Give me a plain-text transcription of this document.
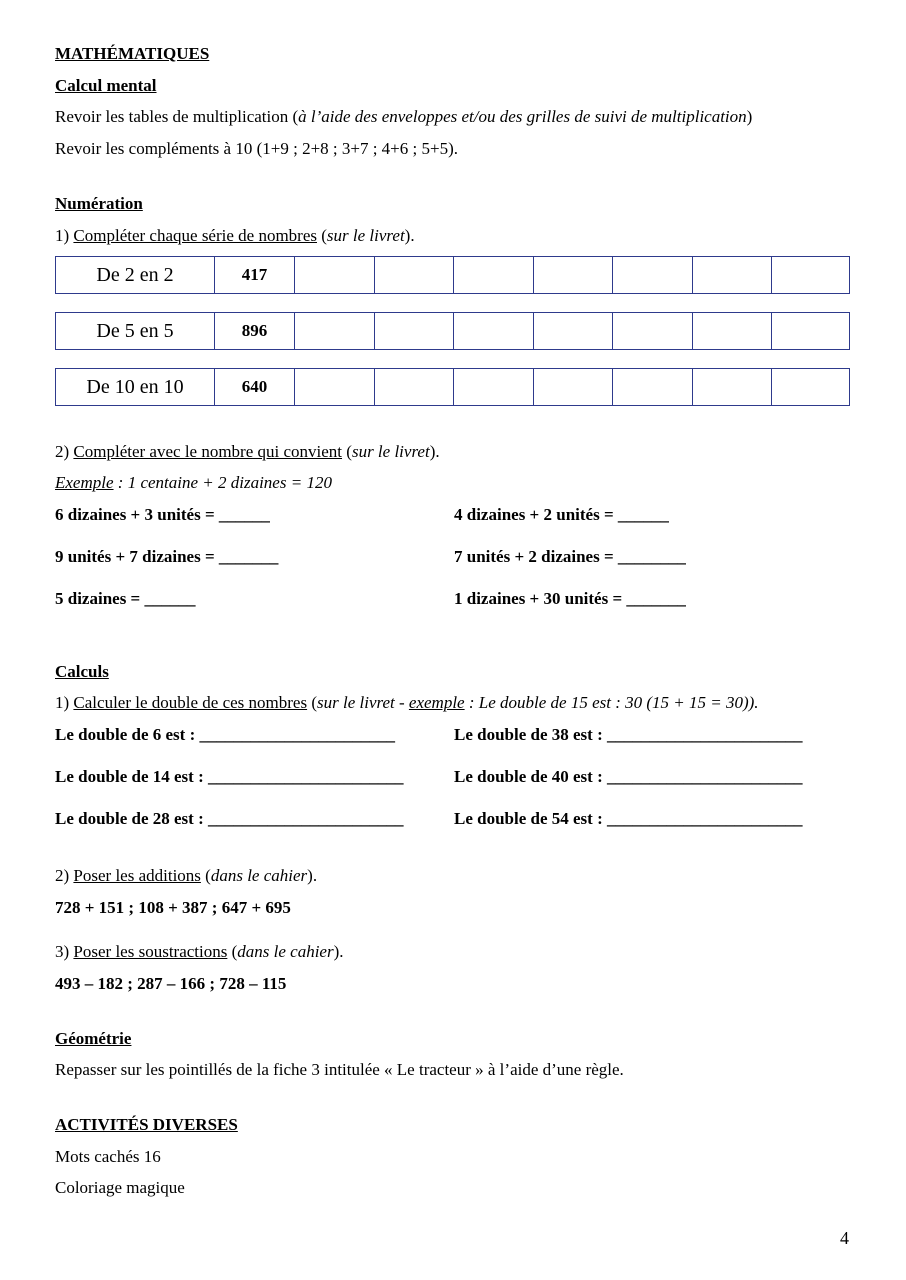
MATHÉMATIQUES
Calcul mental
Revoir les tables de multiplication (à l’aide des enveloppes et/ou des grilles de suivi de multiplication)
Revoir les compléments à 10 (1+9 ; 2+8 ; 3+7 ; 4+6 ; 5+5).
Numération
1) Compléter chaque série de nombres (sur le livret).
De 2 en 2	417
De 5 en 5	896
De 10 en 10	640
2) Compléter avec le nombre qui convient (sur le livret).
Exemple : 1 centaine + 2 dizaines = 120
6 dizaines + 3 unités = ______	4 dizaines + 2 unités = ______
9 unités + 7 dizaines = _______	7 unités + 2 dizaines = ________
5 dizaines = ______	1 dizaines + 30 unités = _______
Calculs
1) Calculer le double de ces nombres (sur le livret - exemple : Le double de 15 est : 30 (15 + 15 = 30)).
Le double de 6 est : _______________________	Le double de 38 est : _______________________
Le double de 14 est : _______________________	Le double de 40 est : _______________________
Le double de 28 est : _______________________	Le double de 54 est : _______________________
2) Poser les additions (dans le cahier).
728 + 151 ; 108 + 387 ; 647 + 695
3) Poser les soustractions (dans le cahier).
493 – 182 ; 287 – 166 ; 728 – 115
Géométrie
Repasser sur les pointillés de la fiche 3 intitulée « Le tracteur » à l’aide d’une règle.
ACTIVITÉS DIVERSES
Mots cachés 16
Coloriage magique
4
